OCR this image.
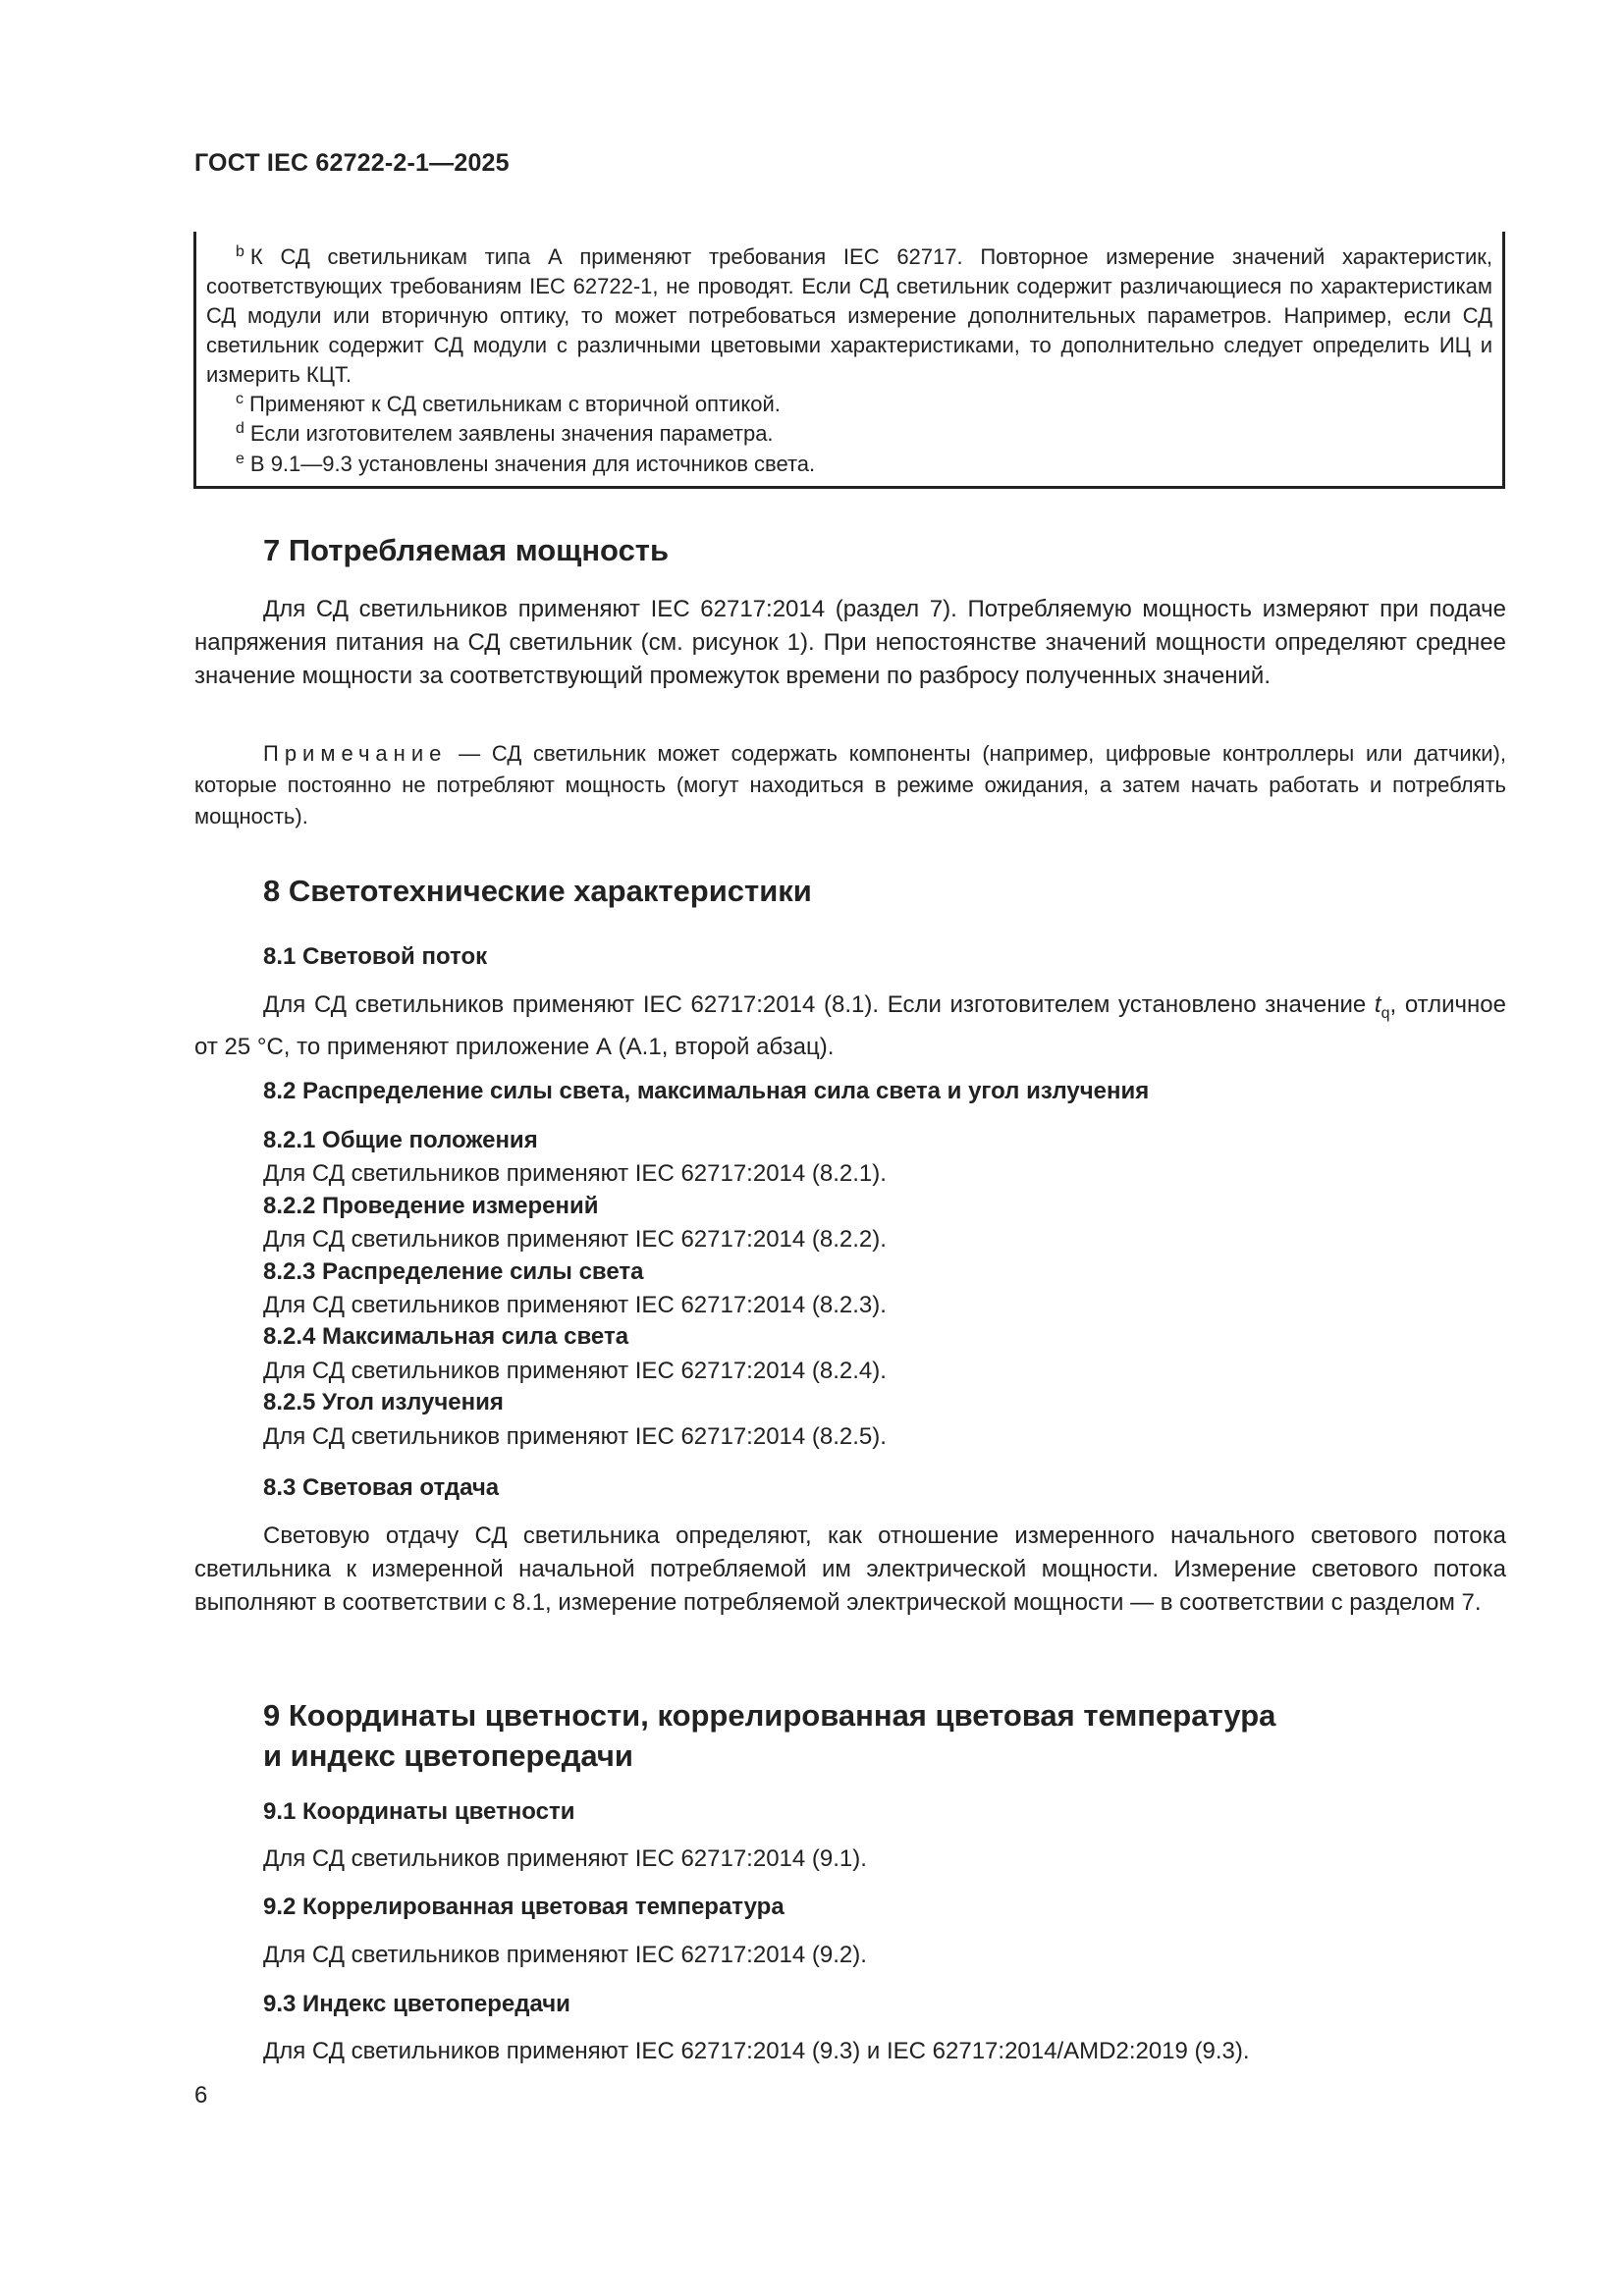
ГОСТ IEC 62722-2-1—2025
$^b$ К СД светильникам типа А применяют требования IEC 62717. Повторное измерение значений характеристик, соответствующих требованиям IEC 62722-1, не проводят. Если СД светильник содержит различающиеся по характеристикам СД модули или вторичную оптику, то может потребоваться измерение дополнительных параметров. Например, если СД светильник содержит СД модули с различными цветовыми характеристиками, то дополнительно следует определить ИЦ и измерить КЦТ.
$^c$ Применяют к СД светильникам с вторичной оптикой.
$^d$ Если изготовителем заявлены значения параметра.
$^e$ В 9.1—9.3 установлены значения для источников света.
7 Потребляемая мощность
Для СД светильников применяют IEC 62717:2014 (раздел 7). Потребляемую мощность измеряют при подаче напряжения питания на СД светильник (см. рисунок 1). При непостоянстве значений мощности определяют среднее значение мощности за соответствующий промежуток времени по разбросу полученных значений.
Примечание — СД светильник может содержать компоненты (например, цифровые контроллеры или датчики), которые постоянно не потребляют мощность (могут находиться в режиме ожидания, а затем начать работать и потреблять мощность).
8 Светотехнические характеристики
8.1 Световой поток
Для СД светильников применяют IEC 62717:2014 (8.1). Если изготовителем установлено значение $t_q$, отличное от 25 °C, то применяют приложение А (А.1, второй абзац).
8.2 Распределение силы света, максимальная сила света и угол излучения
8.2.1 Общие положения
Для СД светильников применяют IEC 62717:2014 (8.2.1).
8.2.2 Проведение измерений
Для СД светильников применяют IEC 62717:2014 (8.2.2).
8.2.3 Распределение силы света
Для СД светильников применяют IEC 62717:2014 (8.2.3).
8.2.4 Максимальная сила света
Для СД светильников применяют IEC 62717:2014 (8.2.4).
8.2.5 Угол излучения
Для СД светильников применяют IEC 62717:2014 (8.2.5).
8.3 Световая отдача
Световую отдачу СД светильника определяют, как отношение измеренного начального светового потока светильника к измеренной начальной потребляемой им электрической мощности. Измерение светового потока выполняют в соответствии с 8.1, измерение потребляемой электрической мощности — в соответствии с разделом 7.
9 Координаты цветности, коррелированная цветовая температура
и индекс цветопередачи
9.1 Координаты цветности
Для СД светильников применяют IEC 62717:2014 (9.1).
9.2 Коррелированная цветовая температура
Для СД светильников применяют IEC 62717:2014 (9.2).
9.3 Индекс цветопередачи
Для СД светильников применяют IEC 62717:2014 (9.3) и IEC 62717:2014/AMD2:2019 (9.3).
6
